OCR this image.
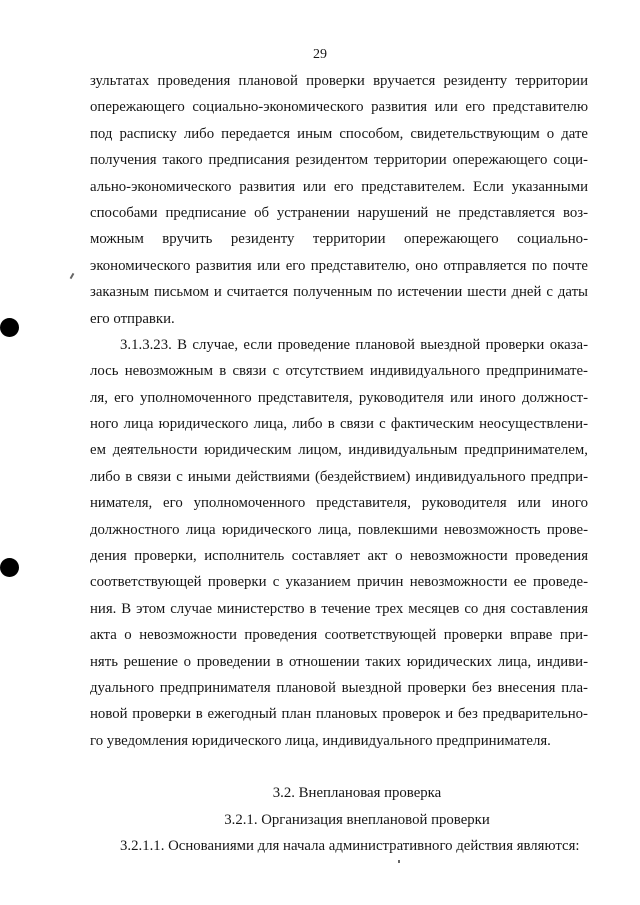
29
зультатах проведения плановой проверки вручается резиденту территории
опережающего социально-экономического развития или его представителю
под расписку либо передается иным способом, свидетельствующим о дате
получения такого предписания резидентом территории опережающего соци-
ально-экономического развития или его представителем. Если указанными
способами предписание об устранении нарушений не представляется воз-
можным вручить резиденту территории опережающего социально-
экономического развития или его представителю, оно отправляется по почте
заказным письмом и считается полученным по истечении шести дней с даты
его отправки.
3.1.3.23. В случае, если проведение плановой выездной проверки оказа-
лось невозможным в связи с отсутствием индивидуального предпринимате-
ля, его уполномоченного представителя, руководителя или иного должност-
ного лица юридического лица, либо в связи с фактическим неосуществлени-
ем деятельности юридическим лицом, индивидуальным предпринимателем,
либо в связи с иными действиями (бездействием) индивидуального предпри-
нимателя, его уполномоченного представителя, руководителя или иного
должностного лица юридического лица, повлекшими невозможность прове-
дения проверки, исполнитель составляет акт о невозможности проведения
соответствующей проверки с указанием причин невозможности ее проведе-
ния. В этом случае министерство в течение трех месяцев со дня составления
акта о невозможности проведения соответствующей проверки вправе при-
нять решение о проведении в отношении таких юридических лица, индиви-
дуального предпринимателя плановой выездной проверки без внесения пла-
новой проверки в ежегодный план плановых проверок и без предварительно-
го уведомления юридического лица, индивидуального предпринимателя.
3.2. Внеплановая проверка
3.2.1. Организация внеплановой проверки
3.2.1.1. Основаниями для начала административного действия являются:
